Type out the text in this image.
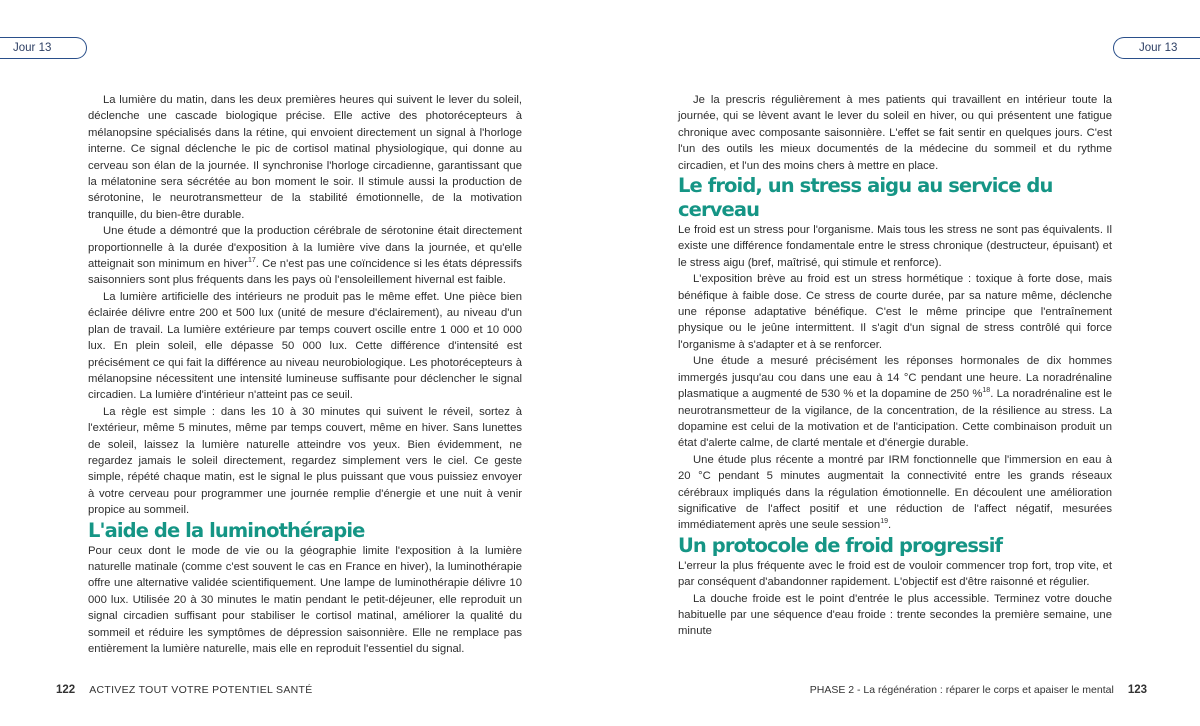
Jour 13

La lumière du matin, dans les deux premières heures qui suivent le lever du soleil, déclenche une cascade biologique précise. Elle active des photorécepteurs à mélanopsine spécialisés dans la rétine, qui envoient directement un signal à l'horloge interne. Ce signal déclenche le pic de cortisol matinal physiologique, qui donne au cerveau son élan de la journée. Il synchronise l'horloge circadienne, garantissant que la mélatonine sera sécrétée au bon moment le soir. Il stimule aussi la production de sérotonine, le neurotransmetteur de la stabilité émotionnelle, de la motivation tranquille, du bien-être durable.

Une étude a démontré que la production cérébrale de sérotonine était directement proportionnelle à la durée d'exposition à la lumière vive dans la journée, et qu'elle atteignait son minimum en hiver$^{17}$. Ce n'est pas une coïncidence si les états dépressifs saisonniers sont plus fréquents dans les pays où l'ensoleillement hivernal est faible.

La lumière artificielle des intérieurs ne produit pas le même effet. Une pièce bien éclairée délivre entre 200 et 500 lux (unité de mesure d'éclairement), au niveau d'un plan de travail. La lumière extérieure par temps couvert oscille entre 1 000 et 10 000 lux. En plein soleil, elle dépasse 50 000 lux. Cette différence d'intensité est précisément ce qui fait la différence au niveau neurobiologique. Les photorécepteurs à mélanopsine nécessitent une intensité lumineuse suffisante pour déclencher le signal circadien. La lumière d'intérieur n'atteint pas ce seuil.

La règle est simple : dans les 10 à 30 minutes qui suivent le réveil, sortez à l'extérieur, même 5 minutes, même par temps couvert, même en hiver. Sans lunettes de soleil, laissez la lumière naturelle atteindre vos yeux. Bien évidemment, ne regardez jamais le soleil directement, regardez simplement vers le ciel. Ce geste simple, répété chaque matin, est le signal le plus puissant que vous puissiez envoyer à votre cerveau pour programmer une journée remplie d'énergie et une nuit à venir propice au sommeil.

L'aide de la luminothérapie

Pour ceux dont le mode de vie ou la géographie limite l'exposition à la lumière naturelle matinale (comme c'est souvent le cas en France en hiver), la luminothérapie offre une alternative validée scientifiquement. Une lampe de luminothérapie délivre 10 000 lux. Utilisée 20 à 30 minutes le matin pendant le petit-déjeuner, elle reproduit un signal circadien suffisant pour stabiliser le cortisol matinal, améliorer la qualité du sommeil et réduire les symptômes de dépression saisonnière. Elle ne remplace pas entièrement la lumière naturelle, mais elle en reproduit l'essentiel du signal.

122 ACTIVEZ TOUT VOTRE POTENTIEL SANTÉ
Jour 13

Je la prescris régulièrement à mes patients qui travaillent en intérieur toute la journée, qui se lèvent avant le lever du soleil en hiver, ou qui présentent une fatigue chronique avec composante saisonnière. L'effet se fait sentir en quelques jours. C'est l'un des outils les mieux documentés de la médecine du sommeil et du rythme circadien, et l'un des moins chers à mettre en place.

Le froid, un stress aigu au service du cerveau

Le froid est un stress pour l'organisme. Mais tous les stress ne sont pas équivalents. Il existe une différence fondamentale entre le stress chronique (destructeur, épuisant) et le stress aigu (bref, maîtrisé, qui stimule et renforce).

L'exposition brève au froid est un stress hormétique : toxique à forte dose, mais bénéfique à faible dose. Ce stress de courte durée, par sa nature même, déclenche une réponse adaptative bénéfique. C'est le même principe que l'entraînement physique ou le jeûne intermittent. Il s'agit d'un signal de stress contrôlé qui force l'organisme à s'adapter et à se renforcer.

Une étude a mesuré précisément les réponses hormonales de dix hommes immergés jusqu'au cou dans une eau à 14 °C pendant une heure. La noradrénaline plasmatique a augmenté de 530 % et la dopamine de 250 %$^{18}$. La noradrénaline est le neurotransmetteur de la vigilance, de la concentration, de la résilience au stress. La dopamine est celui de la motivation et de l'anticipation. Cette combinaison produit un état d'alerte calme, de clarté mentale et d'énergie durable.

Une étude plus récente a montré par IRM fonctionnelle que l'immersion en eau à 20 °C pendant 5 minutes augmentait la connectivité entre les grands réseaux cérébraux impliqués dans la régulation émotionnelle. En découlent une amélioration significative de l'affect positif et une réduction de l'affect négatif, mesurées immédiatement après une seule session$^{19}$.

Un protocole de froid progressif

L'erreur la plus fréquente avec le froid est de vouloir commencer trop fort, trop vite, et par conséquent d'abandonner rapidement. L'objectif est d'être raisonné et régulier.

La douche froide est le point d'entrée le plus accessible. Terminez votre douche habituelle par une séquence d'eau froide : trente secondes la première semaine, une minute

PHASE 2 - La régénération : réparer le corps et apaiser le mental 123
